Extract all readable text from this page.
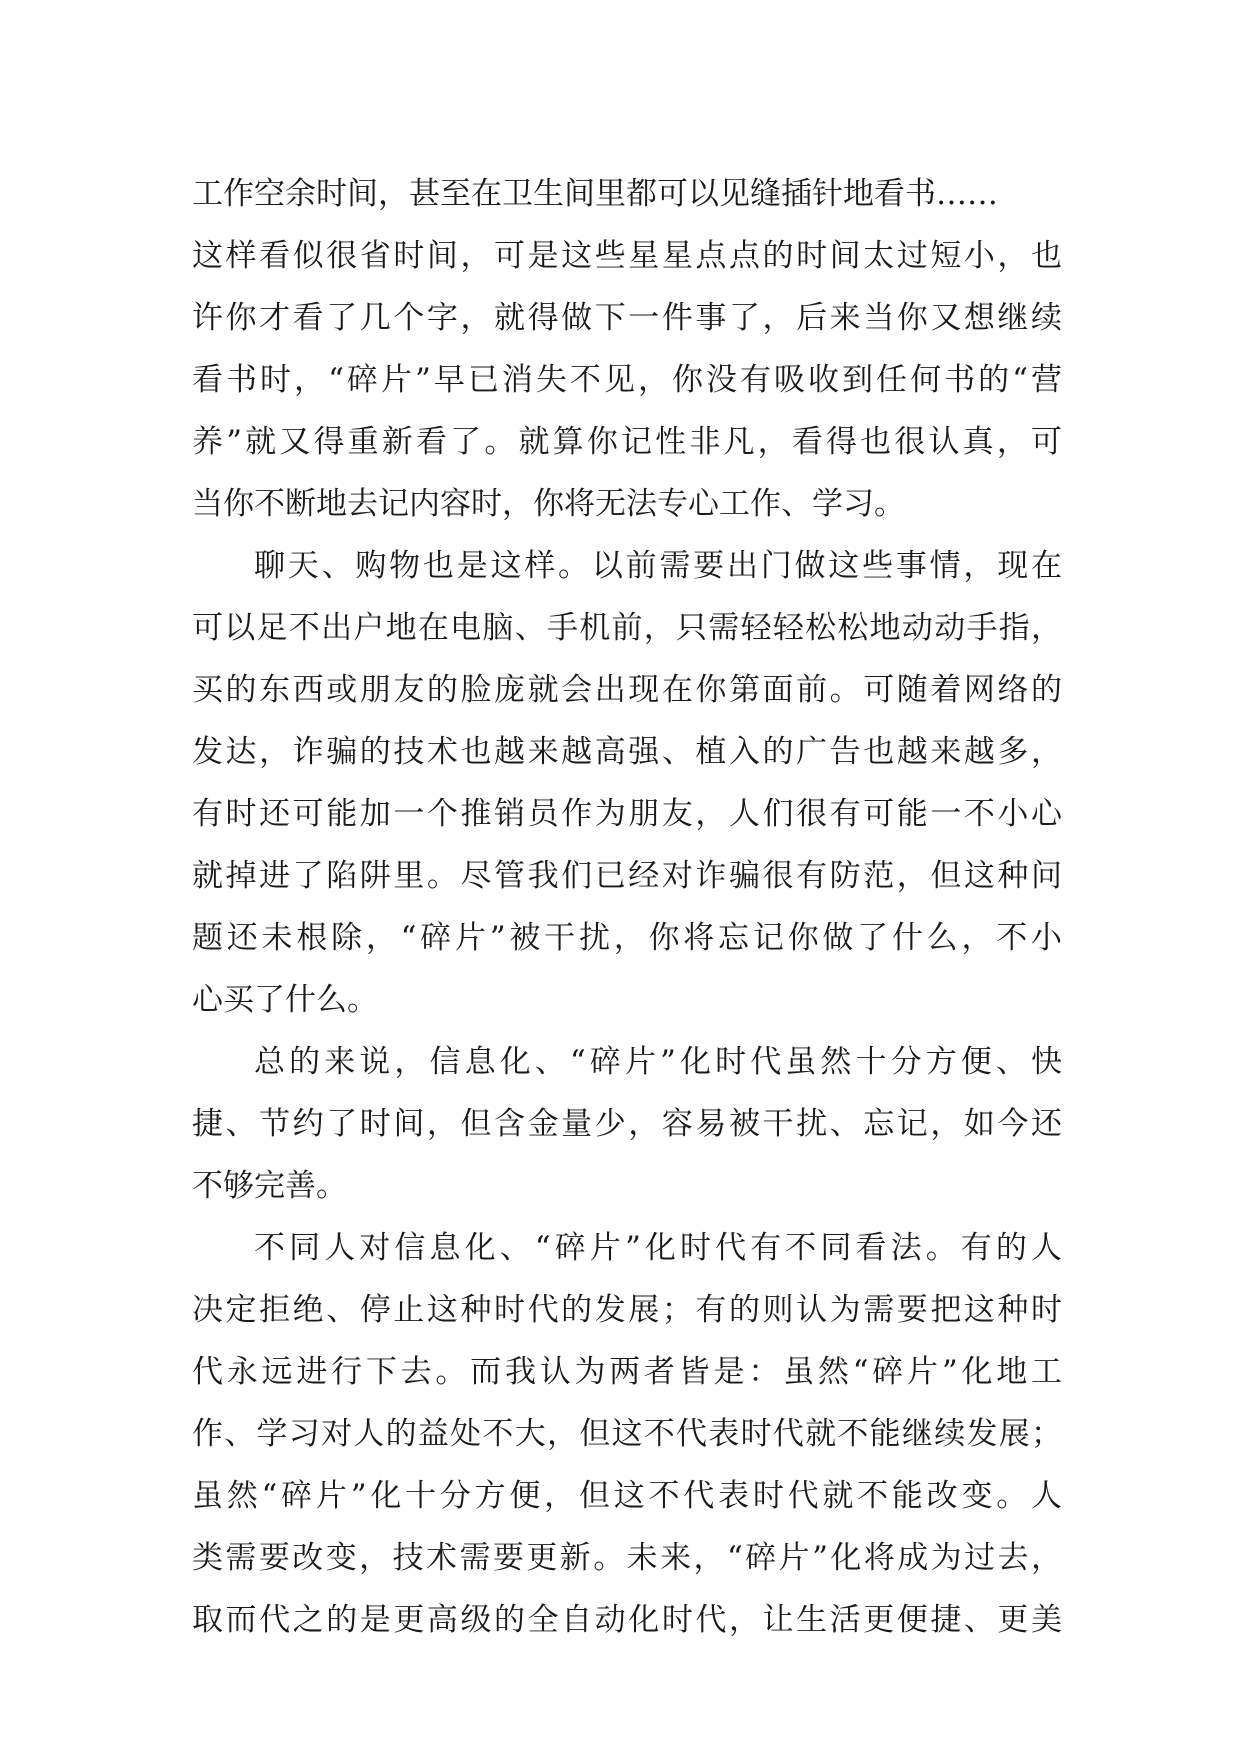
工作空余时间，甚至在卫生间里都可以见缝插针地看书……
这样看似很省时间，可是这些星星点点的时间太过短小，也
许你才看了几个字，就得做下一件事了，后来当你又想继续
看书时，“碎片”早已消失不见，你没有吸收到任何书的“营
养”就又得重新看了。就算你记性非凡，看得也很认真，可
当你不断地去记内容时，你将无法专心工作、学习。
聊天、购物也是这样。以前需要出门做这些事情，现在
可以足不出户地在电脑、手机前，只需轻轻松松地动动手指，
买的东西或朋友的脸庞就会出现在你第面前。可随着网络的
发达，诈骗的技术也越来越高强、植入的广告也越来越多，
有时还可能加一个推销员作为朋友，人们很有可能一不小心
就掉进了陷阱里。尽管我们已经对诈骗很有防范，但这种问
题还未根除，“碎片”被干扰，你将忘记你做了什么，不小
心买了什么。
总的来说，信息化、“碎片”化时代虽然十分方便、快
捷、节约了时间，但含金量少，容易被干扰、忘记，如今还
不够完善。
不同人对信息化、“碎片”化时代有不同看法。有的人
决定拒绝、停止这种时代的发展；有的则认为需要把这种时
代永远进行下去。而我认为两者皆是：虽然“碎片”化地工
作、学习对人的益处不大，但这不代表时代就不能继续发展；
虽然“碎片”化十分方便，但这不代表时代就不能改变。人
类需要改变，技术需要更新。未来，“碎片”化将成为过去，
取而代之的是更高级的全自动化时代，让生活更便捷、更美
